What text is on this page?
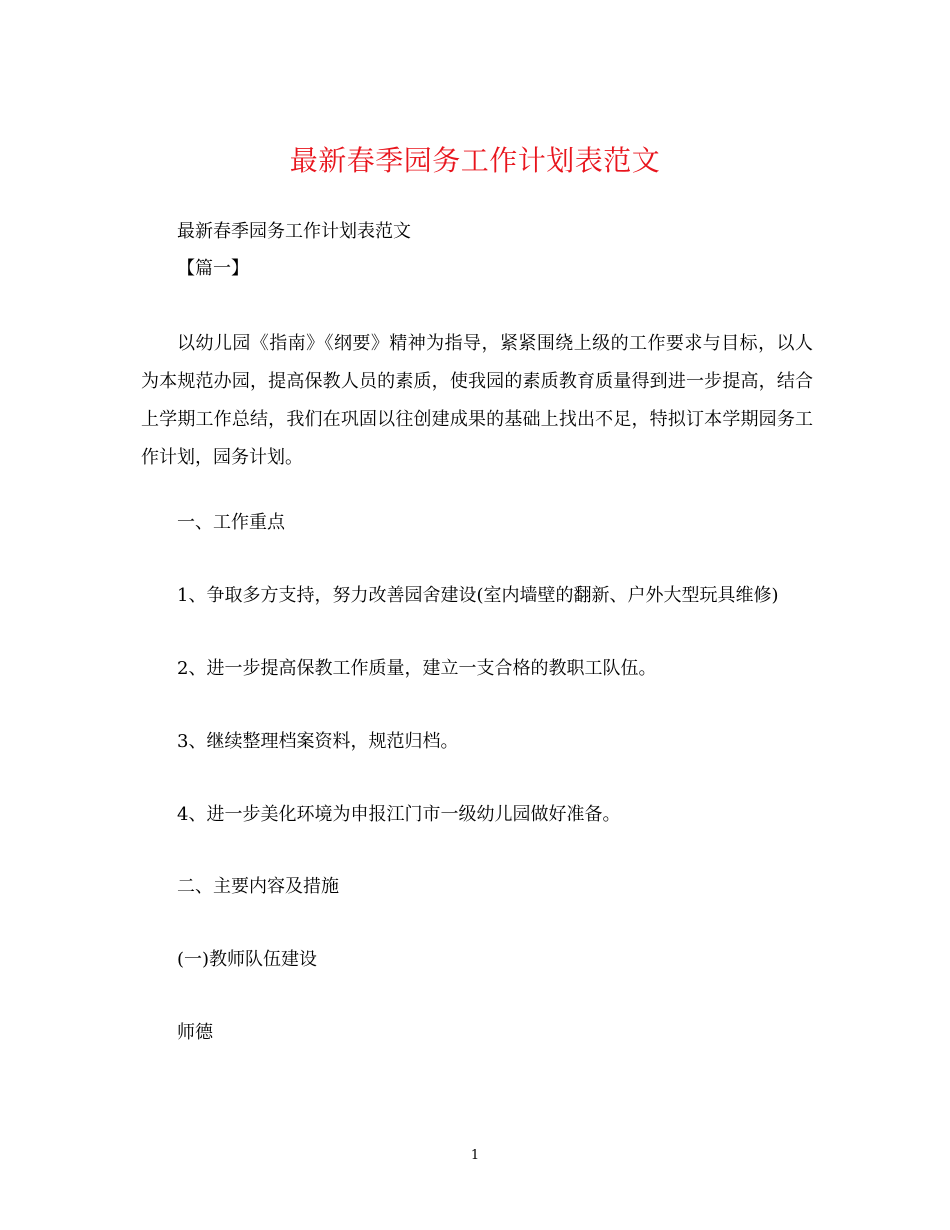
最新春季园务工作计划表范文
最新春季园务工作计划表范文
【篇一】
以幼儿园《指南》《纲要》精神为指导，紧紧围绕上级的工作要求与目标，以人为本规范办园，提高保教人员的素质，使我园的素质教育质量得到进一步提高，结合上学期工作总结，我们在巩固以往创建成果的基础上找出不足，特拟订本学期园务工作计划，园务计划。
一、工作重点
1、争取多方支持，努力改善园舍建设(室内墙壁的翻新、户外大型玩具维修)
2、进一步提高保教工作质量，建立一支合格的教职工队伍。
3、继续整理档案资料，规范归档。
4、进一步美化环境为申报江门市一级幼儿园做好准备。
二、主要内容及措施
(一)教师队伍建设
师德
1
